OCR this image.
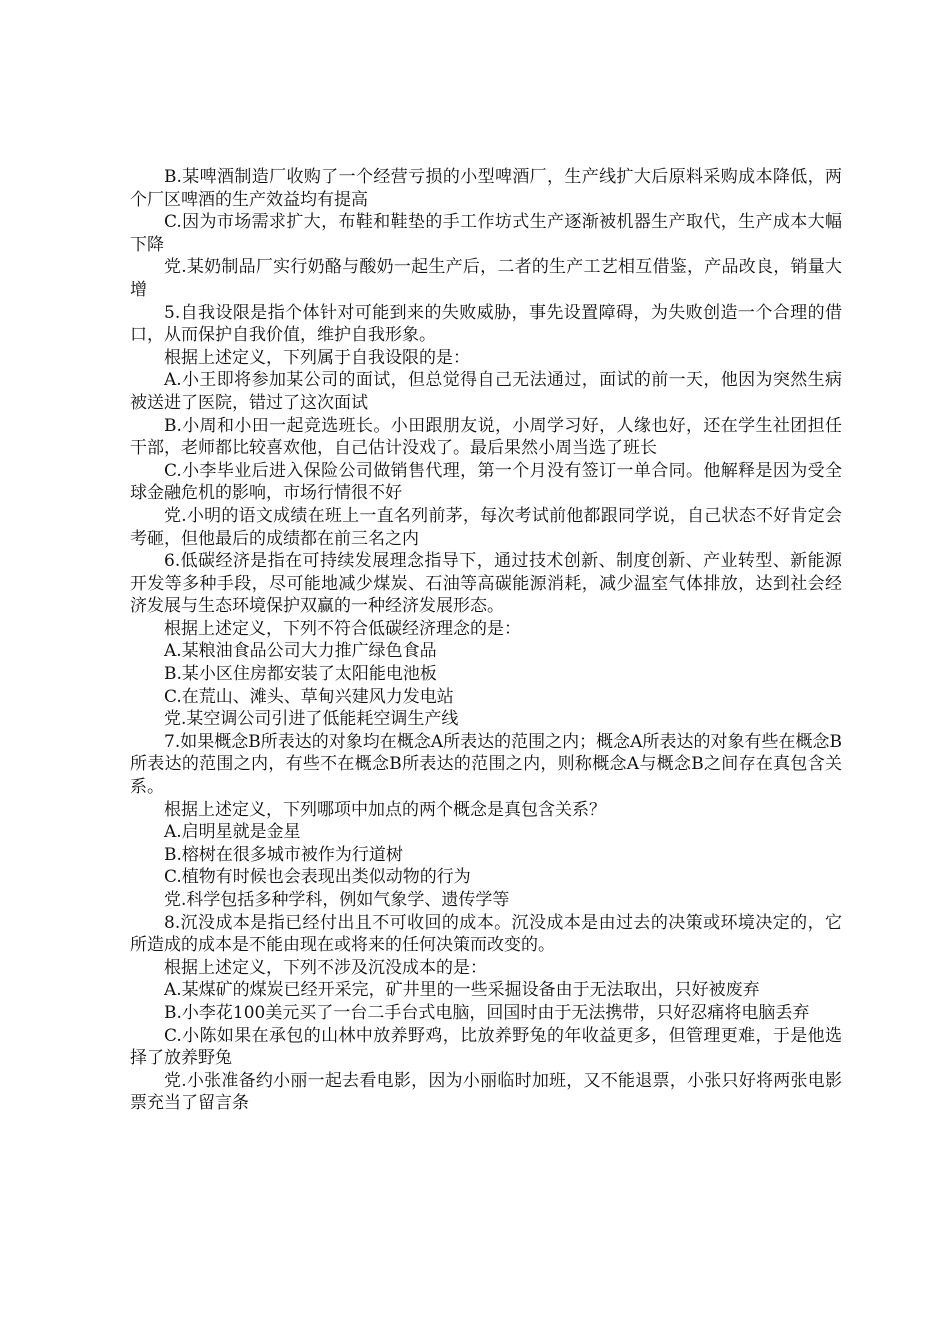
B.某啤酒制造厂收购了一个经营亏损的小型啤酒厂，生产线扩大后原料采购成本降低，两个厂区啤酒的生产效益均有提高

C.因为市场需求扩大，布鞋和鞋垫的手工作坊式生产逐渐被机器生产取代，生产成本大幅下降

党.某奶制品厂实行奶酪与酸奶一起生产后，二者的生产工艺相互借鉴，产品改良，销量大增

5.自我设限是指个体针对可能到来的失败威胁，事先设置障碍，为失败创造一个合理的借口，从而保护自我价值，维护自我形象。

根据上述定义，下列属于自我设限的是：

A.小王即将参加某公司的面试，但总觉得自己无法通过，面试的前一天，他因为突然生病被送进了医院，错过了这次面试

B.小周和小田一起竞选班长。小田跟朋友说，小周学习好，人缘也好，还在学生社团担任干部，老师都比较喜欢他，自己估计没戏了。最后果然小周当选了班长

C.小李毕业后进入保险公司做销售代理，第一个月没有签订一单合同。他解释是因为受全球金融危机的影响，市场行情很不好

党.小明的语文成绩在班上一直名列前茅，每次考试前他都跟同学说，自己状态不好肯定会考砸，但他最后的成绩都在前三名之内

6.低碳经济是指在可持续发展理念指导下，通过技术创新、制度创新、产业转型、新能源开发等多种手段，尽可能地减少煤炭、石油等高碳能源消耗，减少温室气体排放，达到社会经济发展与生态环境保护双赢的一种经济发展形态。

根据上述定义，下列不符合低碳经济理念的是：

A.某粮油食品公司大力推广绿色食品

B.某小区住房都安装了太阳能电池板

C.在荒山、滩头、草甸兴建风力发电站

党.某空调公司引进了低能耗空调生产线

7.如果概念B所表达的对象均在概念A所表达的范围之内；概念A所表达的对象有些在概念B所表达的范围之内，有些不在概念B所表达的范围之内，则称概念A与概念B之间存在真包含关系。

根据上述定义，下列哪项中加点的两个概念是真包含关系？

A.启明星就是金星

B.榕树在很多城市被作为行道树

C.植物有时候也会表现出类似动物的行为

党.科学包括多种学科，例如气象学、遗传学等

8.沉没成本是指已经付出且不可收回的成本。沉没成本是由过去的决策或环境决定的，它所造成的成本是不能由现在或将来的任何决策而改变的。

根据上述定义，下列不涉及沉没成本的是：

A.某煤矿的煤炭已经开采完，矿井里的一些采掘设备由于无法取出，只好被废弃

B.小李花100美元买了一台二手台式电脑，回国时由于无法携带，只好忍痛将电脑丢弃

C.小陈如果在承包的山林中放养野鸡，比放养野兔的年收益更多，但管理更难，于是他选择了放养野兔

党.小张准备约小丽一起去看电影，因为小丽临时加班，又不能退票，小张只好将两张电影票充当了留言条
